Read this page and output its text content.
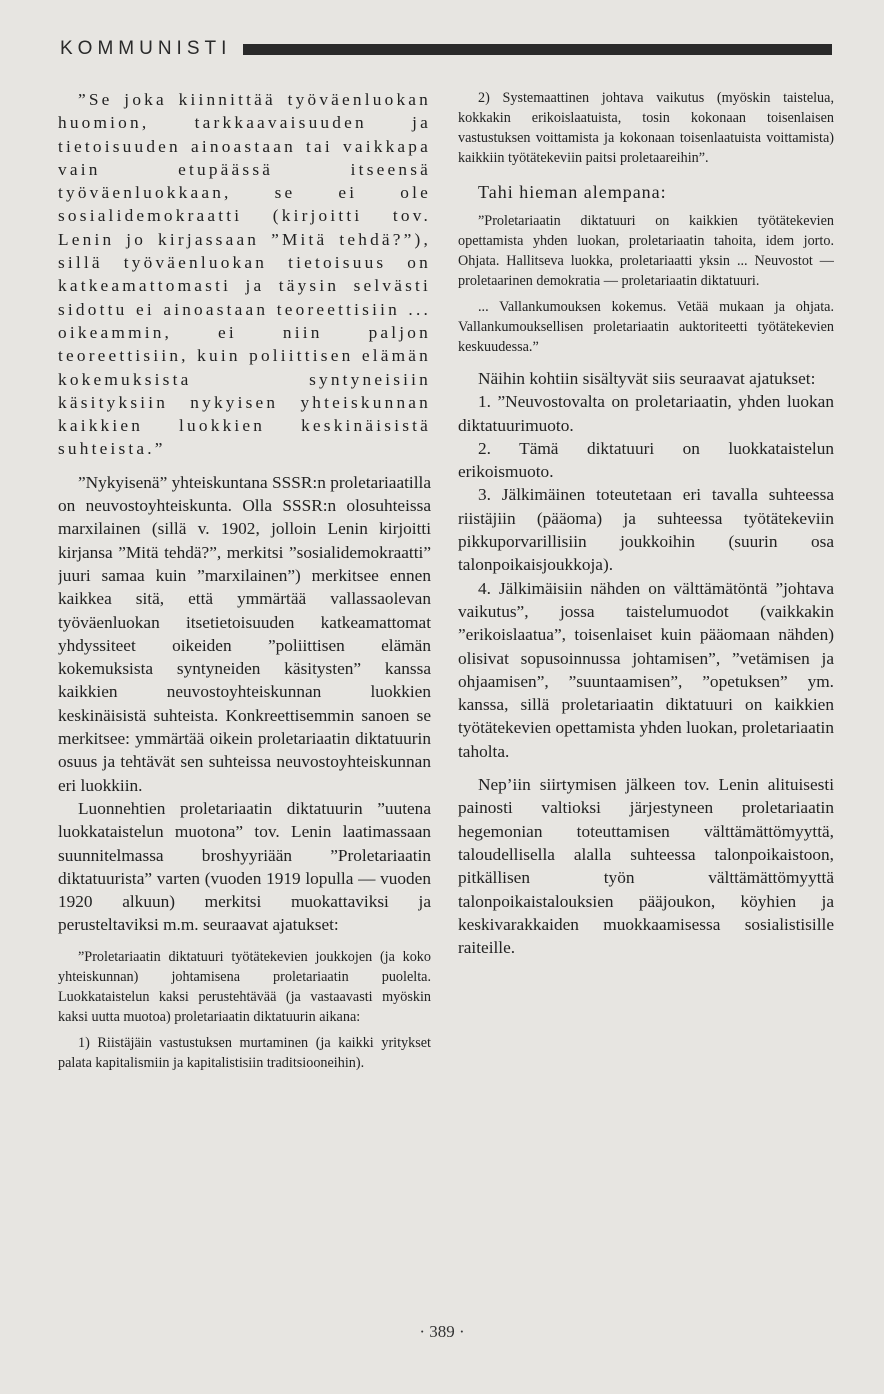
KOMMUNISTI

”Se joka kiinnittää työväenluokan huomion, tarkkaavaisuuden ja tietoisuuden ainoastaan tai vaikkapa vain etupäässä itseensä työväenluokkaan, se ei ole sosialidemokraatti (kirjoitti tov. Lenin jo kirjassaan ”Mitä tehdä?”), sillä työväenluokan tietoisuus on katkeamattomasti ja täysin selvästi sidottu ei ainoastaan teoreettisiin ... oikeammin, ei niin paljon teoreettisiin, kuin poliittisen elämän kokemuksista syntyneisiin käsityksiin nykyisen yhteiskunnan kaikkien luokkien keskinäisistä suhteista.”

”Nykyisenä” yhteiskuntana SSSR:n proletariaatilla on neuvostoyhteiskunta. Olla SSSR:n olosuhteissa marxilainen (sillä v. 1902, jolloin Lenin kirjoitti kirjansa ”Mitä tehdä?”, merkitsi ”sosialidemokraatti” juuri samaa kuin ”marxilainen”) merkitsee ennen kaikkea sitä, että ymmärtää vallassaolevan työväenluokan itsetietoisuuden katkeamattomat yhdyssiteet oikeiden ”poliittisen elämän kokemuksista syntyneiden käsitysten” kanssa kaikkien neuvostoyhteiskunnan luokkien keskinäisistä suhteista. Konkreettisemmin sanoen se merkitsee: ymmärtää oikein proletariaatin diktatuurin osuus ja tehtävät sen suhteissa neuvostoyhteiskunnan eri luokkiin.

Luonnehtien proletariaatin diktatuurin ”uutena luokkataistelun muotona” tov. Lenin laatimassaan suunnitelmassa broshyyriään ”Proletariaatin diktatuurista” varten (vuoden 1919 lopulla — vuoden 1920 alkuun) merkitsi muokattaviksi ja perusteltaviksi m.m. seuraavat ajatukset:

”Proletariaatin diktatuuri työtätekevien joukkojen (ja koko yhteiskunnan) johtamisena proletariaatin puolelta. Luokkataistelun kaksi perustehtävää (ja vastaavasti myöskin kaksi uutta muotoa) proletariaatin diktatuurin aikana:

1) Riistäjäin vastustuksen murtaminen (ja kaikki yritykset palata kapitalismiin ja kapitalistisiin traditsiooneihin).

2) Systemaattinen johtava vaikutus (myöskin taistelua, kokkakin erikoislaatuista, tosin kokonaan toisenlaisen vastustuksen voittamista ja kokonaan toisenlaatuista voittamista) kaikkiin työtätekeviin paitsi proletaareihin”.

Tahi hieman alempana:

”Proletariaatin diktatuuri on kaikkien työtätekevien opettamista yhden luokan, proletariaatin tahoita, idem jorto. Ohjata. Hallitseva luokka, proletariaatti yksin ... Neuvostot — proletaarinen demokratia — proletariaatin diktatuuri.

... Vallankumouksen kokemus. Vetää mukaan ja ohjata. Vallankumouksellisen proletariaatin auktoriteetti työtätekevien keskuudessa.”

Näihin kohtiin sisältyvät siis seuraavat ajatukset:

1. ”Neuvostovalta on proletariaatin, yhden luokan diktatuurimuoto.

2. Tämä diktatuuri on luokkataistelun erikoismuoto.

3. Jälkimäinen toteutetaan eri tavalla suhteessa riistäjiin (pääoma) ja suhteessa työtätekeviin pikkuporvarillisiin joukkoihin (suurin osa talonpoikaisjoukkoja).

4. Jälkimäisiin nähden on välttämätöntä ”johtava vaikutus”, jossa taistelumuodot (vaikkakin ”erikoislaatua”, toisenlaiset kuin pääomaan nähden) olisivat sopusoinnussa johtamisen”, ”vetämisen ja ohjaamisen”, ”suuntaamisen”, ”opetuksen” ym. kanssa, sillä proletariaatin diktatuuri on kaikkien työtätekevien opettamista yhden luokan, proletariaatin taholta.

Nep’iin siirtymisen jälkeen tov. Lenin alituisesti painosti valtioksi järjestyneen proletariaatin hegemonian toteuttamisen välttämättömyyttä, taloudellisella alalla suhteessa talonpoikaistoon, pitkällisen työn välttämättömyyttä talonpoikaistalouksien pääjoukon, köyhien ja keskivarakkaiden muokkaamisessa sosialistisille raiteille.

· 389 ·
